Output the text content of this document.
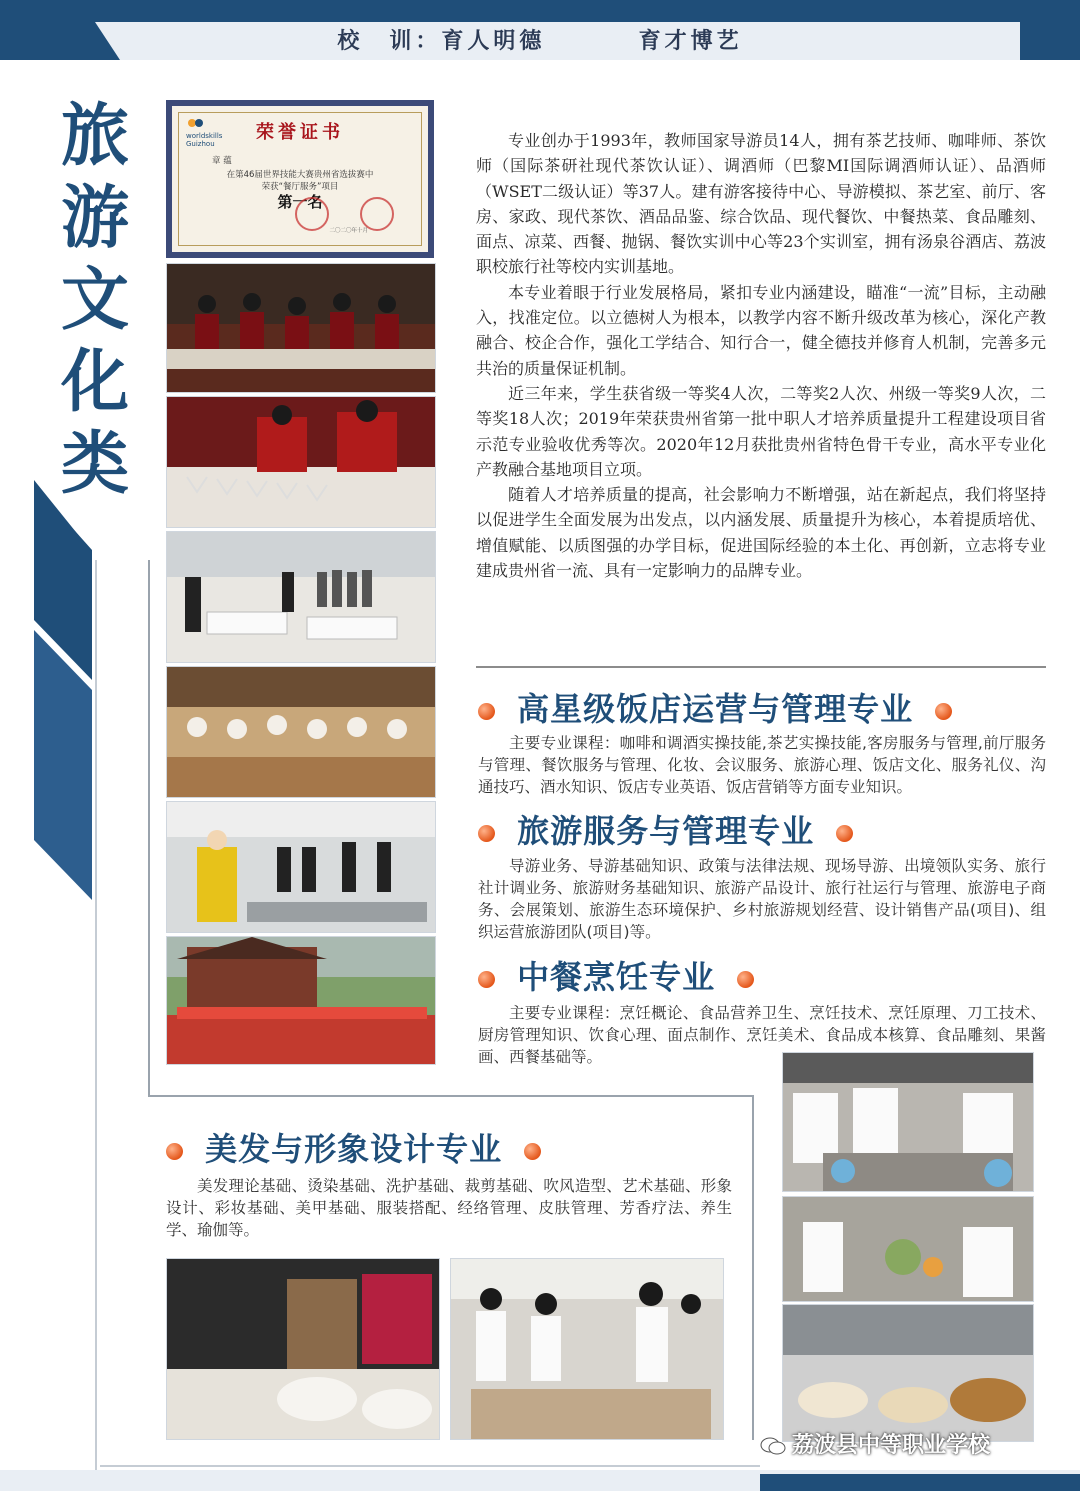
校　训：育人明德	育才博艺
旅
游
文
化
类

worldskills
Guizhou
荣誉证书
章 蕴
在第46届世界技能大赛贵州省选拔赛中
荣获“餐厅服务”项目
第一名
二〇二〇年十月

专业创办于1993年，教师国家导游员14人，拥有茶艺技师、咖啡师、茶饮师（国际茶研社现代茶饮认证）、调酒师（巴黎MI国际调酒师认证）、品酒师（WSET二级认证）等37人。建有游客接待中心、导游模拟、茶艺室、前厅、客房、家政、现代茶饮、酒品品鉴、综合饮品、现代餐饮、中餐热菜、食品雕刻、面点、凉菜、西餐、抛锅、餐饮实训中心等23个实训室，拥有汤泉谷酒店、荔波职校旅行社等校内实训基地。

本专业着眼于行业发展格局，紧扣专业内涵建设，瞄准“一流”目标，主动融入，找准定位。以立德树人为根本，以教学内容不断升级改革为核心，深化产教融合、校企合作，强化工学结合、知行合一，健全德技并修育人机制，完善多元共治的质量保证机制。

近三年来，学生获省级一等奖4人次，二等奖2人次、州级一等奖9人次，二等奖18人次；2019年荣获贵州省第一批中职人才培养质量提升工程建设项目省示范专业验收优秀等次。2020年12月获批贵州省特色骨干专业，高水平专业化产教融合基地项目立项。

随着人才培养质量的提高，社会影响力不断增强，站在新起点，我们将坚持以促进学生全面发展为出发点，以内涵发展、质量提升为核心，本着提质培优、增值赋能、以质图强的办学目标，促进国际经验的本土化、再创新，立志将专业建成贵州省一流、具有一定影响力的品牌专业。

高星级饭店运营与管理专业
主要专业课程：咖啡和调酒实操技能,茶艺实操技能,客房服务与管理,前厅服务与管理、餐饮服务与管理、化妆、会议服务、旅游心理、饭店文化、服务礼仪、沟通技巧、酒水知识、饭店专业英语、饭店营销等方面专业知识。
旅游服务与管理专业
导游业务、导游基础知识、政策与法律法规、现场导游、出境领队实务、旅行社计调业务、旅游财务基础知识、旅游产品设计、旅行社运行与管理、旅游电子商务、会展策划、旅游生态环境保护、乡村旅游规划经营、设计销售产品(项目)、组织运营旅游团队(项目)等。
中餐烹饪专业
主要专业课程：烹饪概论、食品营养卫生、烹饪技术、烹饪原理、刀工技术、厨房管理知识、饮食心理、面点制作、烹饪美术、食品成本核算、食品雕刻、果酱画、西餐基础等。
美发与形象设计专业
美发理论基础、烫染基础、洗护基础、裁剪基础、吹风造型、艺术基础、形象设计、彩妆基础、美甲基础、服装搭配、经络管理、皮肤管理、芳香疗法、养生学、瑜伽等。
荔波县中等职业学校
